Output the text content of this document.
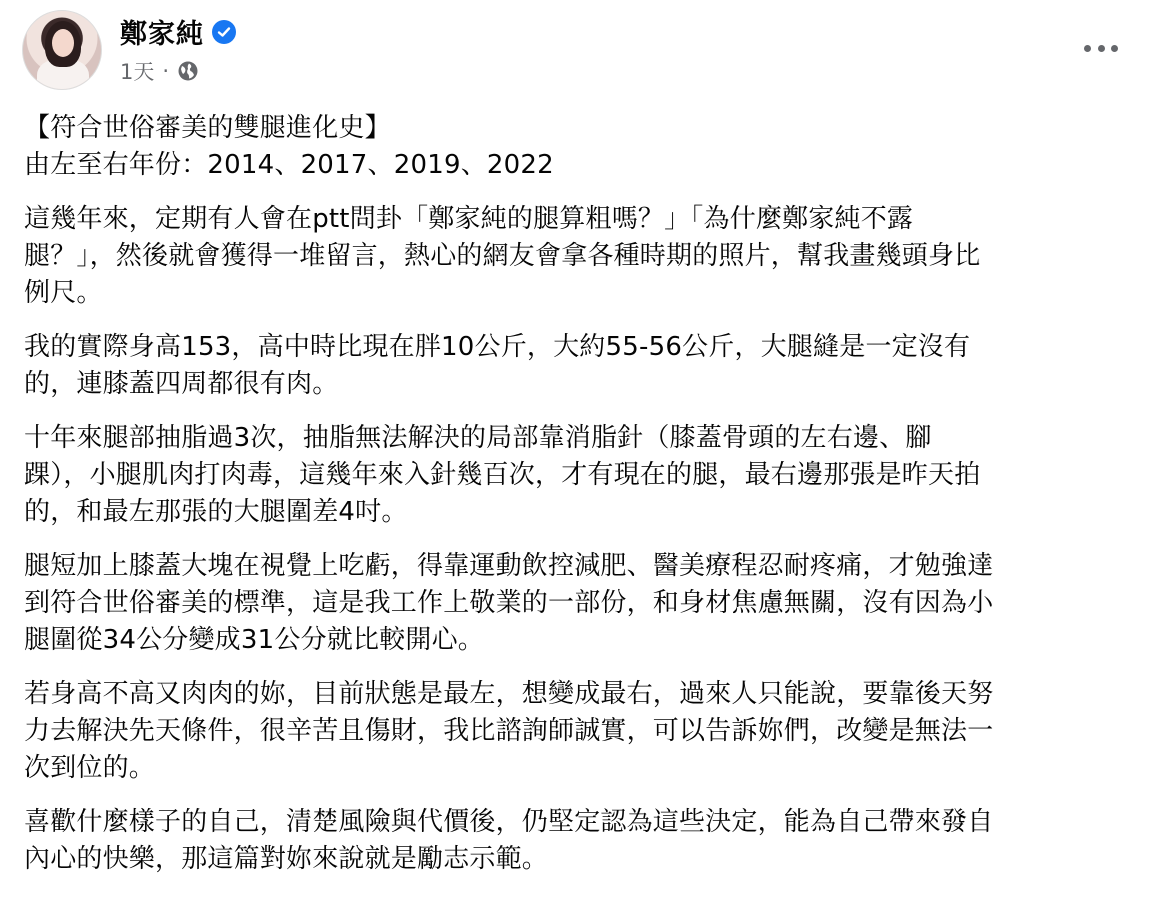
鄭家純
1天 ·

【符合世俗審美的雙腿進化史】
由左至右年份：2014、2017、2019、2022

這幾年來，定期有人會在ptt問卦「鄭家純的腿算粗嗎？」「為什麼鄭家純不露
腿？」，然後就會獲得一堆留言，熱心的網友會拿各種時期的照片，幫我畫幾頭身比
例尺。

我的實際身高153，高中時比現在胖10公斤，大約55-56公斤，大腿縫是一定沒有
的，連膝蓋四周都很有肉。

十年來腿部抽脂過3次，抽脂無法解決的局部靠消脂針（膝蓋骨頭的左右邊、腳
踝），小腿肌肉打肉毒，這幾年來入針幾百次，才有現在的腿，最右邊那張是昨天拍
的，和最左那張的大腿圍差4吋。

腿短加上膝蓋大塊在視覺上吃虧，得靠運動飲控減肥、醫美療程忍耐疼痛，才勉強達
到符合世俗審美的標準，這是我工作上敬業的一部份，和身材焦慮無關，沒有因為小
腿圍從34公分變成31公分就比較開心。

若身高不高又肉肉的妳，目前狀態是最左，想變成最右，過來人只能說，要靠後天努
力去解決先天條件，很辛苦且傷財，我比諮詢師誠實，可以告訴妳們，改變是無法一
次到位的。

喜歡什麼樣子的自己，清楚風險與代價後，仍堅定認為這些決定，能為自己帶來發自
內心的快樂，那這篇對妳來說就是勵志示範。
